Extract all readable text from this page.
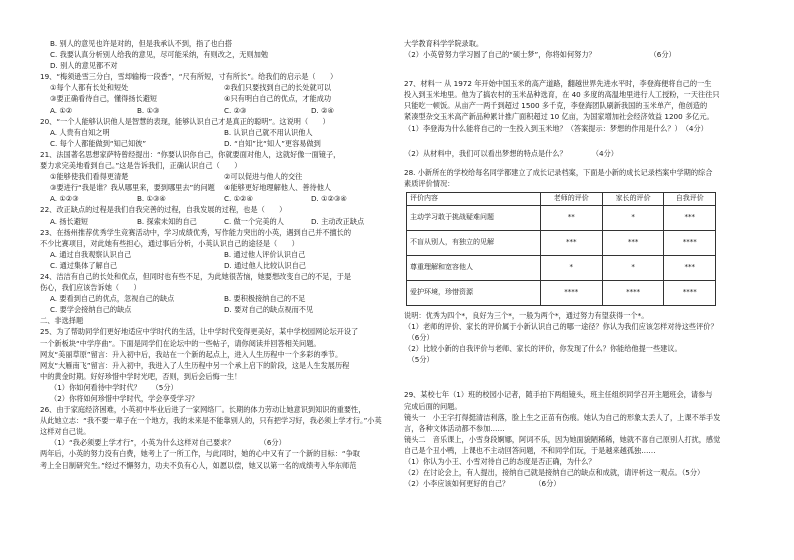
B. 别人的意见也许是对的，但是我承认不到，指了也白搭
C. 我要认真分析别人给我的意见，尽可能采纳，有则改之，无则加勉
D. 别人的意见都不对
19、“梅须逊雪三分白，雪却输梅一段香”，“尺有所短，寸有所长”。给我们的启示是（　　）
①每个人都有长处和短处	②我们只要找到自己的长处就可以
③要正确看待自己，懂得扬长避短	④只有明白自己的优点，才能成功
A. ①②	B. ①③	C. ②③	D. ②④
20、“一个人能够认识他人是智慧的表现，能够认识自己才是真正的聪明”。这说明（　　）
A. 人贵有自知之明	B. 认识自己就不用认识他人
C. 每个人都能做到“知己知彼”	D. “自知”比“知人”更容易做到
21、法国著名思想家萨特曾经提出：“你要认识你自己，你就要面对他人，这就好像一面镜子，
要力求完美地看到自己。”这是告诉我们，正确认识自己（　　）
①能够使我们看得更清楚	②可以促进与他人的交往
③要进行“我是谁？我从哪里来，要到哪里去”的问题	④能够更好地理解他人、善待他人
A. ①②③	B. ①③④	C. ①②④	D. ①②③④
22、改正缺点的过程是我们自我完善的过程，自我发展的过程，也是（　　）
A. 扬长避短	B. 探索未知的自己	C. 做一个完美的人	D. 主动改正缺点
23、在扬州推荐优秀学生竞赛活动中，学习成绩优秀，写作能力突出的小英，遇到自己并不擅长的
不少比赛项目，对此她有些担心，通过事后分析，小英认识自己的途径是（　　）
A. 通过自我观察认识自己	B. 通过他人评价认识自己
C. 通过集体了解自己	D. 通过他人比较认识自己
24、洁洁有自己的长处和优点，但同时也有些不足，为此她很苦恼，她要想改变自己的不足，于是
伤心，我们应该告诉她（　　）
A. 要看到自己的优点，忽视自己的缺点	B. 要积极接纳自己的不足
C. 要学会接纳自己的缺点	D. 要对自己的缺点视而不见
二、非选择题
25、为了帮助同学们更好地适应中学时代的生活，让中学时代变得更美好，某中学校园网论坛开设了
一个新板块“中学序曲”。下面是同学们在论坛中的一些帖子，请你阅读并回答相关问题。
网友“美丽草原”留言：升入初中后，我站在一个新的起点上，进入人生历程中一个多彩的季节。
网友“大雁南飞”留言：升入初中，我进入了人生历程中另一个承上启下的阶段，这是人生发展历程
中的黄金时期。好好珍惜中学时光吧，否则，到后会后悔一生！
（1）你如何看待中学时代？　　（5分）
（2）你将如何珍惜中学时代，学会享受学习？
26、由于家庭经济困难，小英初中毕业后进了一家网络厂。长期的体力劳动让她意识到知识的重要性，
从此她立志：“我不要一辈子在一个地方，我的未来是不能靠别人的，只有把学习好，我必须上学才行。”小英
这样对自己说。
（1）“我必须要上学才行”，小英为什么这样对自己要求？　　　　（6分）
两年后，小英的努力没有白费，她考上了一所工作，与此同时，她的心中又有了一个新的目标：“争取
考上全日制研究生。”经过不懈努力，功夫不负有心人，如愿以偿，她又以第一名的成绩考入华东师范
大学教育科学学院录取。
（2）小英曾努力学习圆了自己的“硕士梦”，你将如何努力？　　　　　　　　（6分）
27、材料一 从 1972 年开始中国玉米的高产道路，翻越世界先进水平时，李登海便将自己的一生
投入到玉米地里。他为了搞农村的玉米品种选育，在 40 多度的高温地里进行人工授粉，一天往往只
只能吃一顿饭。从亩产一两千到超过 1500 多千克，李登海团队刷新我国的玉米单产，他创造的
紧凑型杂交玉米高产新品种累计推广面积超过 10 亿亩，为国家增加社会经济效益 1200 多亿元。
（1）李登海为什么能将自己的一生投入到玉米地？（答案提示：梦想的作用是什么？）　（4分）
（2）从材料中，我们可以看出梦想的特点是什么？　　　　（4分）
28. 小新所在的学校给每名同学都建立了成长记录档案，下面是小新的成长记录档案中学期的综合
素质评价情况：
评价内容	老师的评价	家长的评价	自我评价
主动学习敢于挑战疑难问题	**	*	***
不盲从别人，有独立的见解	***	***	****
尊重理解和宽容他人	*	*	***
爱护环境，珍惜资源	****	****	****
说明：优秀为四个*，良好为三个*，一般为两个*，通过努力有望获得一个*。
（1）老师的评价、家长的评价属于小新认识自己的哪一途径？你认为我们应该怎样对待这些评价？
　（6分）
（2）比较小新的自我评价与老师、家长的评价，你发现了什么？你能给他提一些建议。
　（5分）
29、某校七年（1）班的校园小记者，随手拍下两组镜头，班主任组织同学召开主题班会，请参与
完成后面的问题。
镜头一　小王字打得挺清洁利落，脸上生之正苗有伤痕。她认为自己的形象太丢人了，上课不举手发
言，各种文体活动都不参加……
镜头二　音乐课上，小雪身段婀娜，阿词不乐，因为她面貌陋稀稀，她就不喜自己原别人打扰，感觉
自己是个丑小鸭，上课也不主动回答问题，不和同学们玩，于是越来越孤独……
（1）你认为小王、小雪对待自己的态度是否正确，为什么？
（2）在讨论会上，有人提出，接纳自己就是接纳自己的缺点和成就，请评析这一观点。（5分）
（2）小李应该如何更好的自己？　　　　（6分）
